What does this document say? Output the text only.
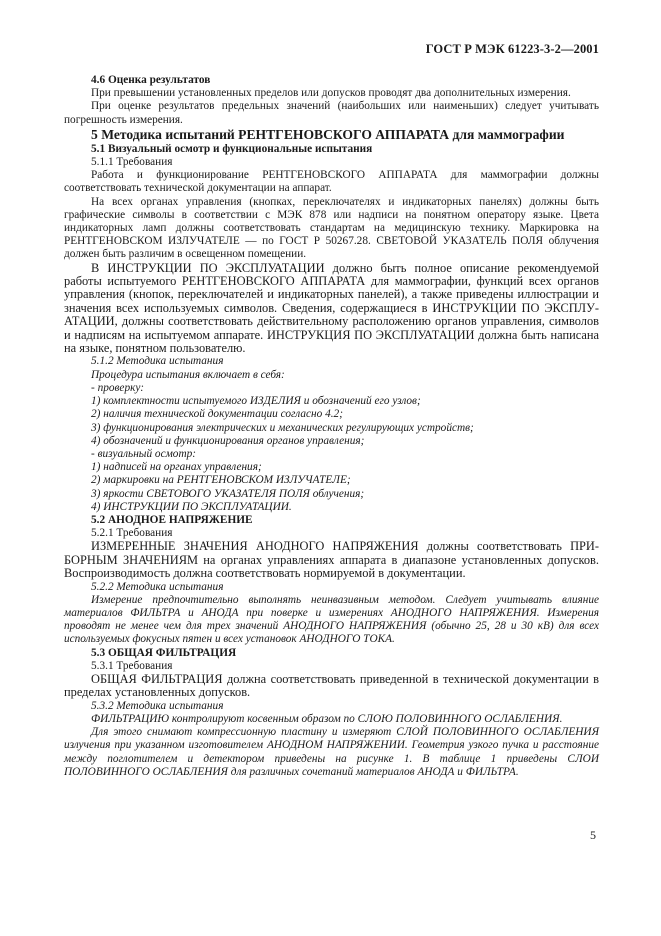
ГОСТ Р МЭК 61223-3-2—2001

4.6 Оценка результатов

При превышении установленных пределов или допусков проводят два дополнительных измерения.

При оценке результатов предельных значений (наибольших или наименьших) следует учитывать погрешность измерения.

5 Методика испытаний РЕНТГЕНОВСКОГО АППАРАТА для маммографии

5.1 Визуальный осмотр и функциональные испытания

5.1.1 Требования

Работа и функционирование РЕНТГЕНОВСКОГО АППАРАТА для маммографии должны соответствовать технической документации на аппарат.

На всех органах управления (кнопках, переключателях и индикаторных панелях) должны быть графические символы в соответствии с МЭК 878 или надписи на понятном оператору языке. Цвета индикаторных ламп должны соответствовать стандартам на медицинскую технику. Маркировка на РЕНТГЕНОВСКОМ ИЗЛУЧАТЕЛЕ — по ГОСТ Р 50267.28. СВЕТОВОЙ УКАЗАТЕЛЬ ПОЛЯ облучения должен быть различим в освещенном помещении.

В ИНСТРУКЦИИ ПО ЭКСПЛУАТАЦИИ должно быть полное описание рекомендуемой работы испытуемого РЕНТГЕНОВСКОГО АППАРАТА для маммографии, функций всех органов управления (кнопок, переключателей и индикаторных панелей), а также приведены иллюстрации и значения всех используемых символов. Сведения, содержащиеся в ИНСТРУКЦИИ ПО ЭКСПЛУАТАЦИИ, должны соответствовать действительному расположению органов управления, символов и надписям на испытуемом аппарате. ИНСТРУКЦИЯ ПО ЭКСПЛУАТАЦИИ должна быть написана на языке, понятном пользователю.

5.1.2 Методика испытания

Процедура испытания включает в себя:

- проверку:

1) комплектности испытуемого ИЗДЕЛИЯ и обозначений его узлов;

2) наличия технической документации согласно 4.2;

3) функционирования электрических и механических регулирующих устройств;

4) обозначений и функционирования органов управления;

- визуальный осмотр:

1) надписей на органах управления;

2) маркировки на РЕНТГЕНОВСКОМ ИЗЛУЧАТЕЛЕ;

3) яркости СВЕТОВОГО УКАЗАТЕЛЯ ПОЛЯ облучения;

4) ИНСТРУКЦИИ ПО ЭКСПЛУАТАЦИИ.

5.2 АНОДНОЕ НАПРЯЖЕНИЕ

5.2.1 Требования

ИЗМЕРЕННЫЕ ЗНАЧЕНИЯ АНОДНОГО НАПРЯЖЕНИЯ должны соответствовать ПРИБОРНЫМ ЗНАЧЕНИЯМ на органах управлениях аппарата в диапазоне установленных допусков. Воспроизводимость должна соответствовать нормируемой в документации.

5.2.2 Методика испытания

Измерение предпочтительно выполнять неинвазивным методом. Следует учитывать влияние материалов ФИЛЬТРА и АНОДА при поверке и измерениях АНОДНОГО НАПРЯЖЕНИЯ. Измерения проводят не менее чем для трех значений АНОДНОГО НАПРЯЖЕНИЯ (обычно 25, 28 и 30 кВ) для всех используемых фокусных пятен и всех установок АНОДНОГО ТОКА.

5.3 ОБЩАЯ ФИЛЬТРАЦИЯ

5.3.1 Требования

ОБЩАЯ ФИЛЬТРАЦИЯ должна соответствовать приведенной в технической документации в пределах установленных допусков.

5.3.2 Методика испытания

ФИЛЬТРАЦИЮ контролируют косвенным образом по СЛОЮ ПОЛОВИННОГО ОСЛАБЛЕНИЯ.

Для этого снимают компрессионную пластину и измеряют СЛОЙ ПОЛОВИННОГО ОСЛАБЛЕНИЯ излучения при указанном изготовителем АНОДНОМ НАПРЯЖЕНИИ. Геометрия узкого пучка и расстояние между поглотителем и детектором приведены на рисунке 1. В таблице 1 приведены СЛОИ ПОЛОВИННОГО ОСЛАБЛЕНИЯ для различных сочетаний материалов АНОДА и ФИЛЬТРА.

5
